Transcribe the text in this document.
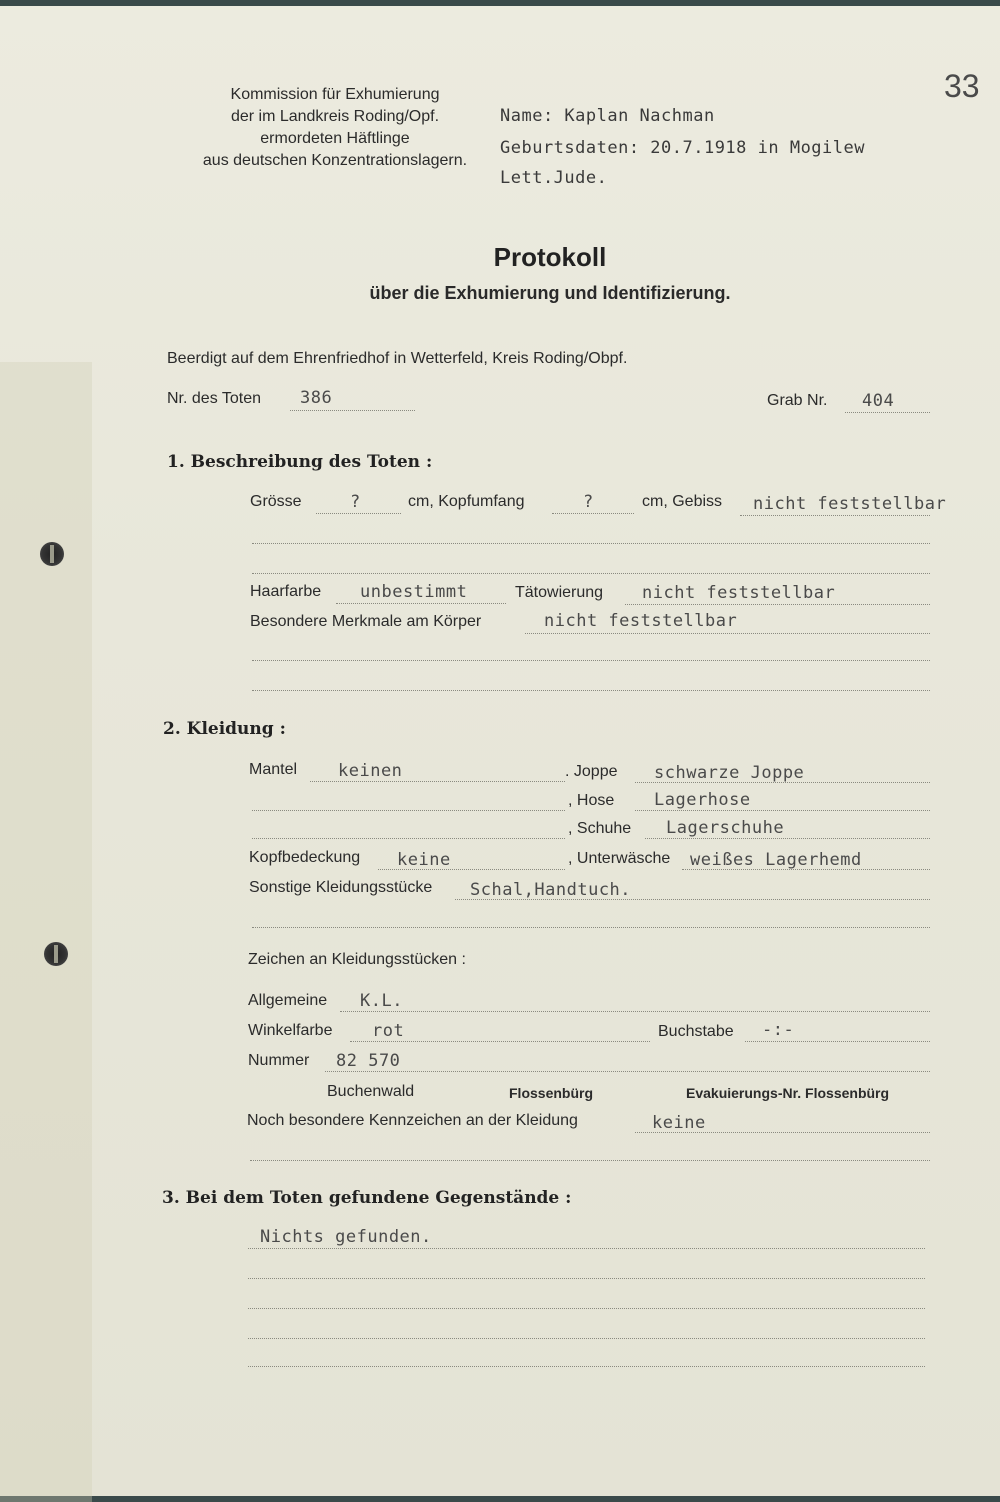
33
Kommission für Exhumierung
der im Landkreis Roding/Opf.
ermordeten Häftlinge
aus deutschen Konzentrationslagern.
Name: Kaplan Nachman
Geburtsdaten: 20.7.1918 in Mogilew
Lett.Jude.
Protokoll
über die Exhumierung und Identifizierung.
Beerdigt auf dem Ehrenfriedhof in Wetterfeld, Kreis Roding/Obpf.
Nr. des Toten 386	Grab Nr. 404
1. Beschreibung des Toten :
Grösse	?	cm, Kopfumfang	?	cm, Gebiss nicht feststellbar
Haarfarbe unbestimmt	Tätowierung nicht feststellbar
Besondere Merkmale am Körper	nicht feststellbar
2. Kleidung :
Mantel keinen	. Joppe schwarze Joppe
, Hose Lagerhose
, Schuhe Lagerschuhe
Kopfbedeckung keine	, Unterwäsche weißes Lagerhemd
Sonstige Kleidungsstücke Schal,Handtuch.
Zeichen an Kleidungsstücken :
Allgemeine K.L.
Winkelfarbe rot	Buchstabe -:-
Nummer 82 570
Buchenwald	Flossenbürg	Evakuierungs-Nr. Flossenbürg
Noch besondere Kennzeichen an der Kleidung	keine
3. Bei dem Toten gefundene Gegenstände :
Nichts gefunden.
